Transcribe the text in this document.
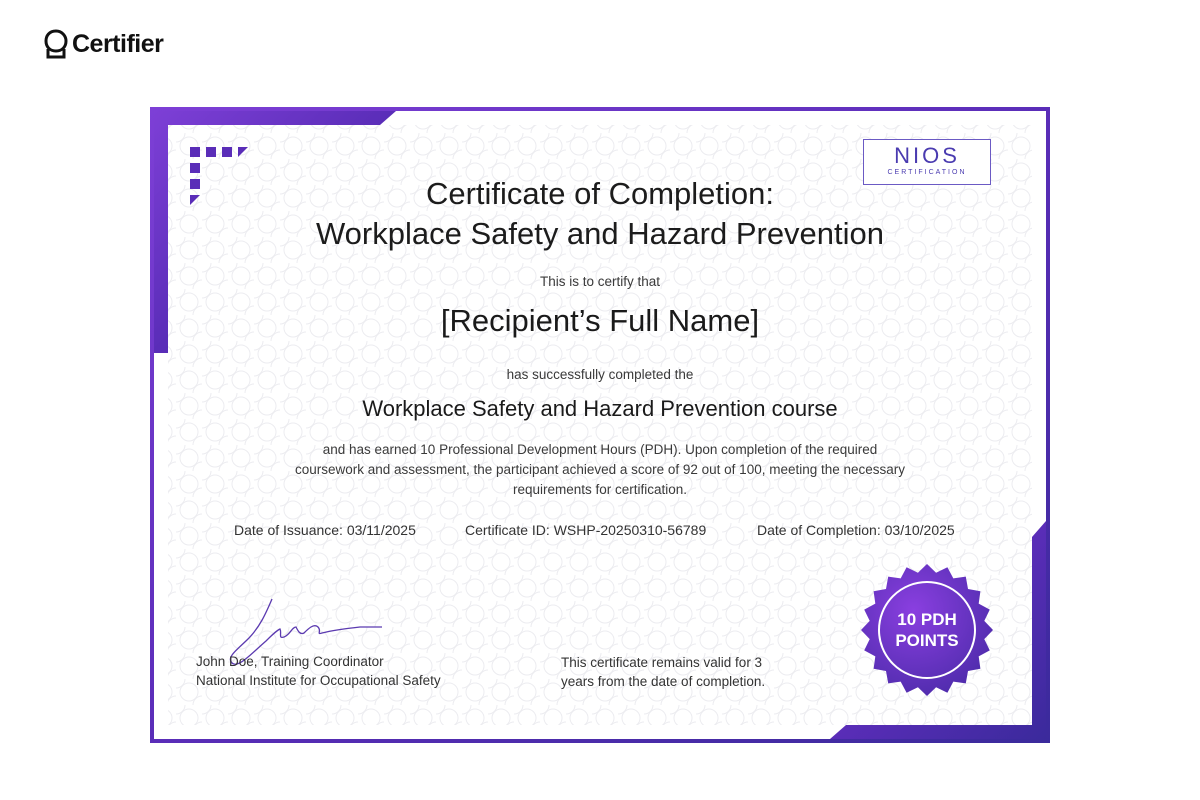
Certifier
NIOS
CERTIFICATION
Certificate of Completion:
Workplace Safety and Hazard Prevention

This is to certify that

[Recipient’s Full Name]

has successfully completed the

Workplace Safety and Hazard Prevention course

and has earned 10 Professional Development Hours (PDH). Upon completion of the required
coursework and assessment, the participant achieved a score of 92 out of 100, meeting the necessary
requirements for certification.

Date of Issuance: 03/11/2025	Certificate ID: WSHP-20250310-56789	Date of Completion: 03/10/2025
John Doe, Training Coordinator
National Institute for Occupational Safety
This certificate remains valid for 3
years from the date of completion.
10 PDH
POINTS
